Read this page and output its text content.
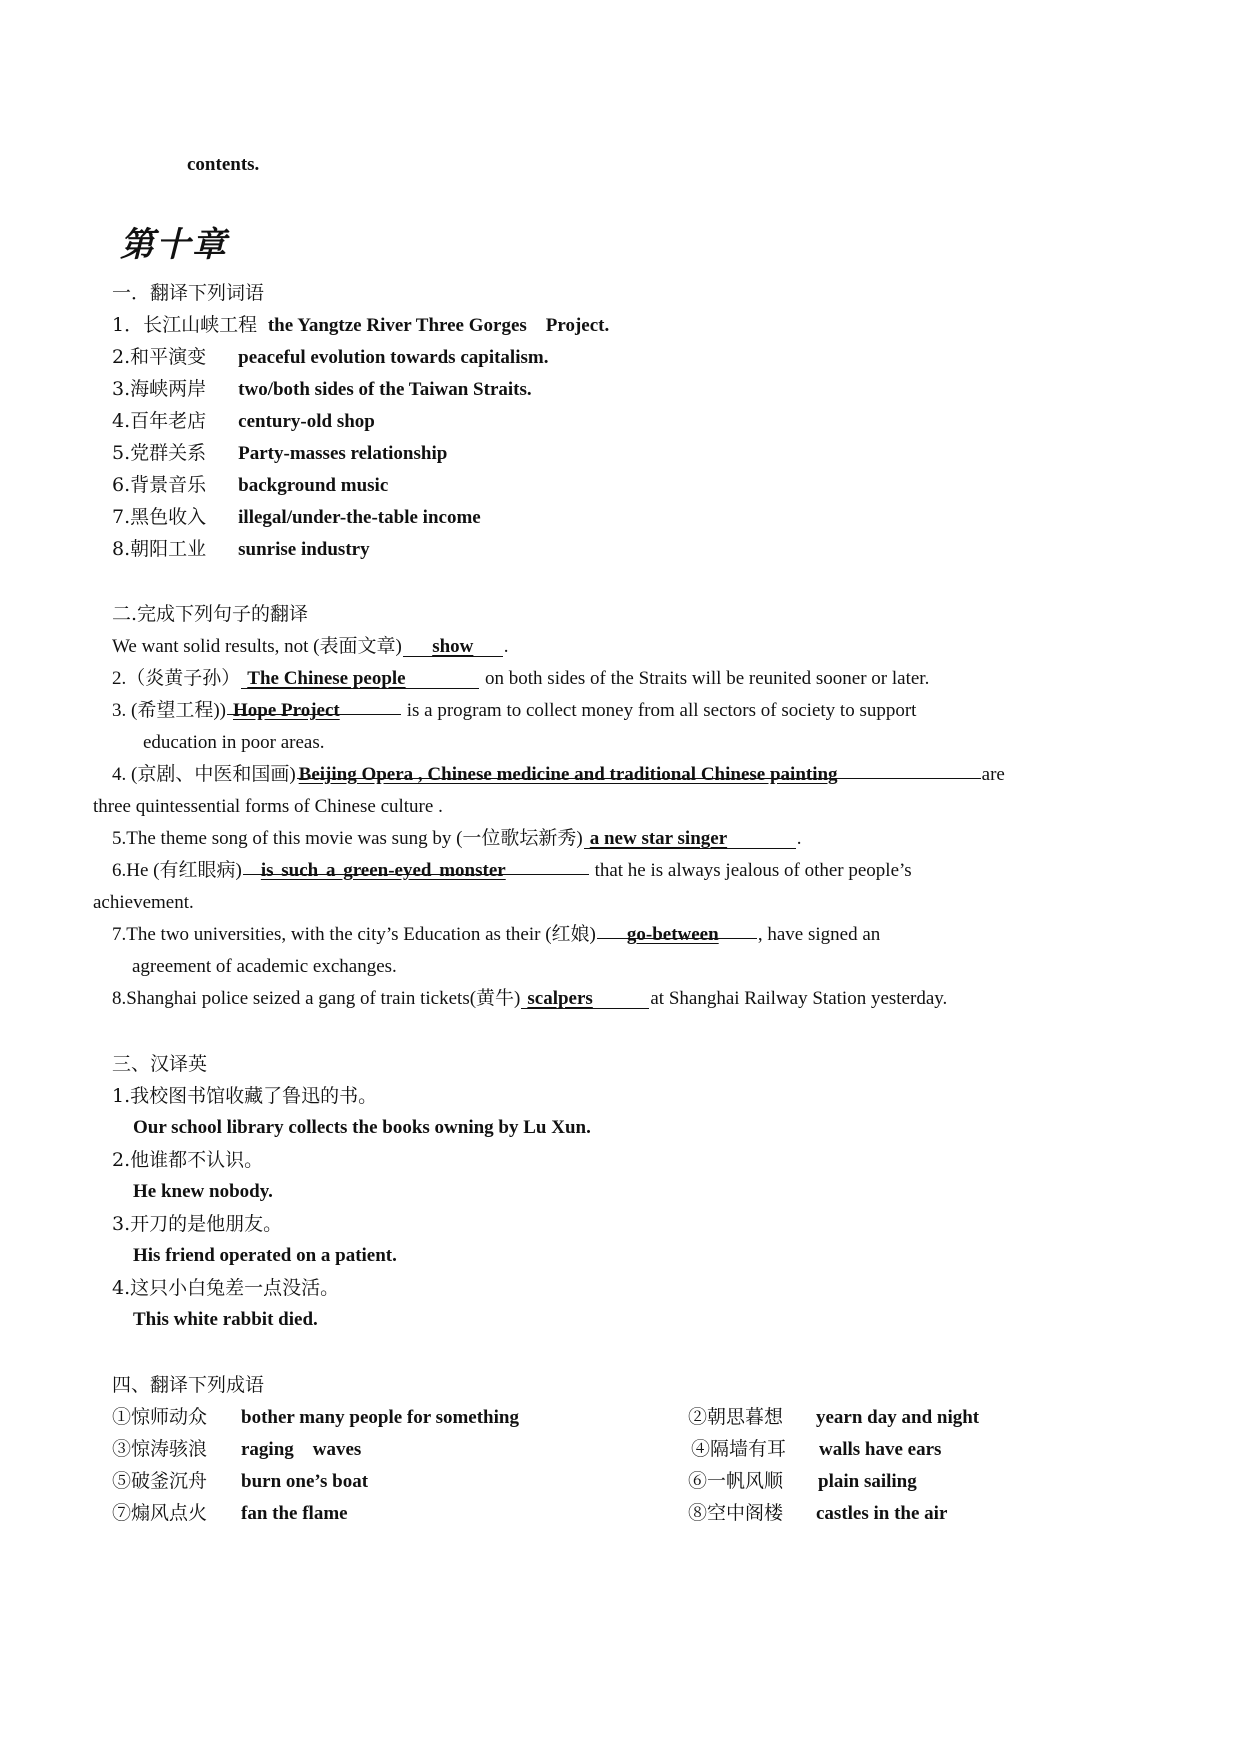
contents.
第十章
一．翻译下列词语
1．长江山峡工程 the Yangtze River Three Gorges　Project.
2.和平演变 peaceful evolution towards capitalism.
3.海峡两岸 two/both sides of the Taiwan Straits.
4.百年老店 century-old shop
5.党群关系 Party-masses relationship
6.背景音乐 background music
7.黑色收入 illegal/under-the-table income
8.朝阳工业 sunrise industry
二.完成下列句子的翻译
We want solid results, not (表面文章) show .
2.（炎黄子孙） The Chinese people	on both sides of the Straits will be reunited sooner or later.
3. (希望工程)) Hope Project	is a program to collect money from all sectors of society to support
education in poor areas.
4. (京剧、中医和国画) Beijing Opera , Chinese medicine and traditional Chinese painting	are
three quintessential forms of Chinese culture .
5.The theme song of this movie was sung by (一位歌坛新秀) a new star singer	.
6.He (有红眼病) is such a green-eyed monster	that he is always jealous of other people’s
achievement.
7.The two universities, with the city’s Education as their (红娘) go-between , have signed an
agreement of academic exchanges.
8.Shanghai police seized a gang of train tickets(黄牛) scalpers	at Shanghai Railway Station yesterday.
三、汉译英
1.我校图书馆收藏了鲁迅的书。
Our school library collects the books owning by Lu Xun.
2.他谁都不认识。
He knew nobody.
3.开刀的是他朋友。
His friend operated on a patient.
4.这只小白兔差一点没活。
This white rabbit died.
四、翻译下列成语
①惊师动众 bother many people for something	②朝思暮想 yearn day and night
③惊涛骇浪 raging　waves	④隔墙有耳 walls have ears
⑤破釜沉舟 burn one’s boat	⑥一帆风顺 plain sailing
⑦煽风点火 fan the flame	⑧空中阁楼 castles in the air
